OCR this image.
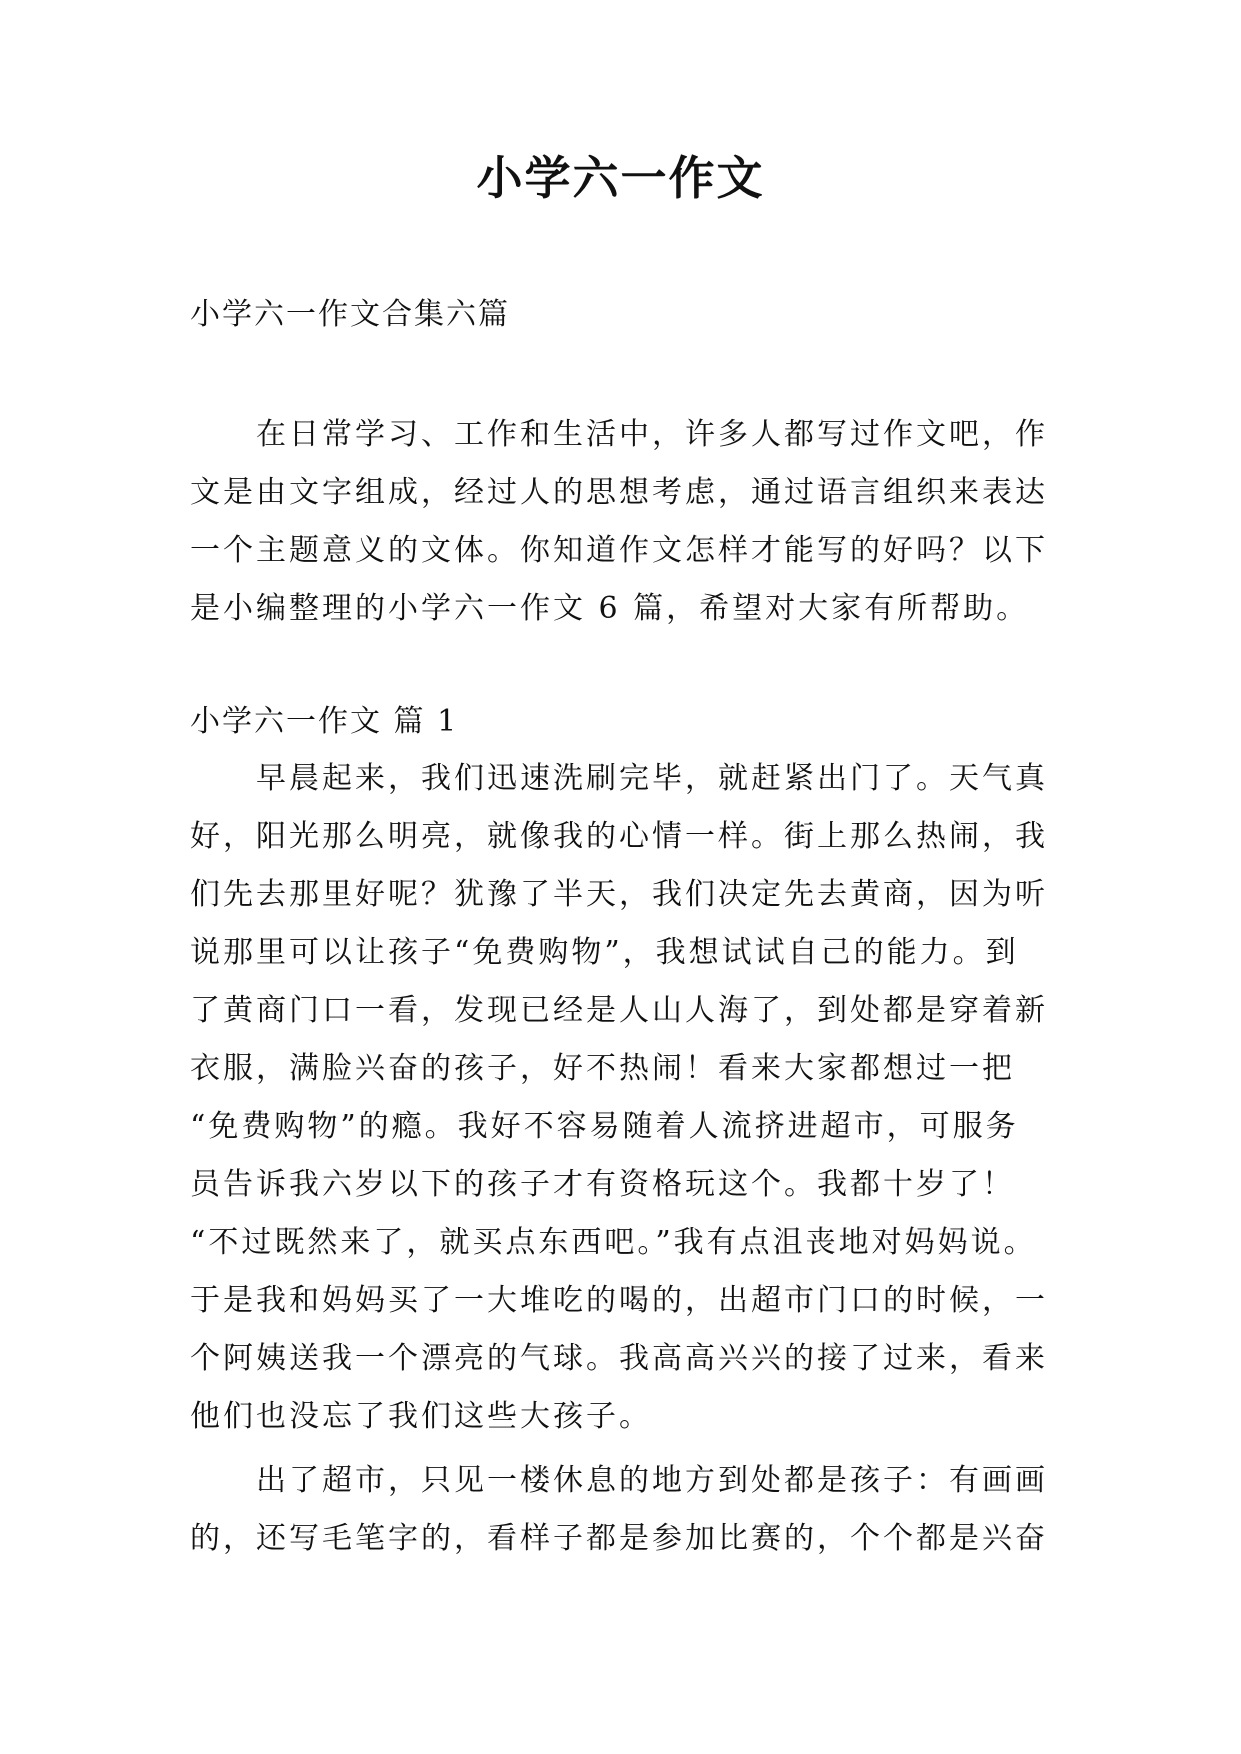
小学六一作文

小学六一作文合集六篇

在日常学习、工作和生活中，许多人都写过作文吧，作
文是由文字组成，经过人的思想考虑，通过语言组织来表达
一个主题意义的文体。你知道作文怎样才能写的好吗？以下
是小编整理的小学六一作文 6 篇，希望对大家有所帮助。

小学六一作文 篇 1

早晨起来，我们迅速洗刷完毕，就赶紧出门了。天气真
好，阳光那么明亮，就像我的心情一样。街上那么热闹，我
们先去那里好呢？犹豫了半天，我们决定先去黄商，因为听
说那里可以让孩子“免费购物”，我想试试自己的能力。到
了黄商门口一看，发现已经是人山人海了，到处都是穿着新
衣服，满脸兴奋的孩子，好不热闹！看来大家都想过一把
“免费购物”的瘾。我好不容易随着人流挤进超市，可服务
员告诉我六岁以下的孩子才有资格玩这个。我都十岁了！
“不过既然来了，就买点东西吧。”我有点沮丧地对妈妈说。
于是我和妈妈买了一大堆吃的喝的，出超市门口的时候，一
个阿姨送我一个漂亮的气球。我高高兴兴的接了过来，看来
他们也没忘了我们这些大孩子。
出了超市，只见一楼休息的地方到处都是孩子：有画画
的，还写毛笔字的，看样子都是参加比赛的，个个都是兴奋
